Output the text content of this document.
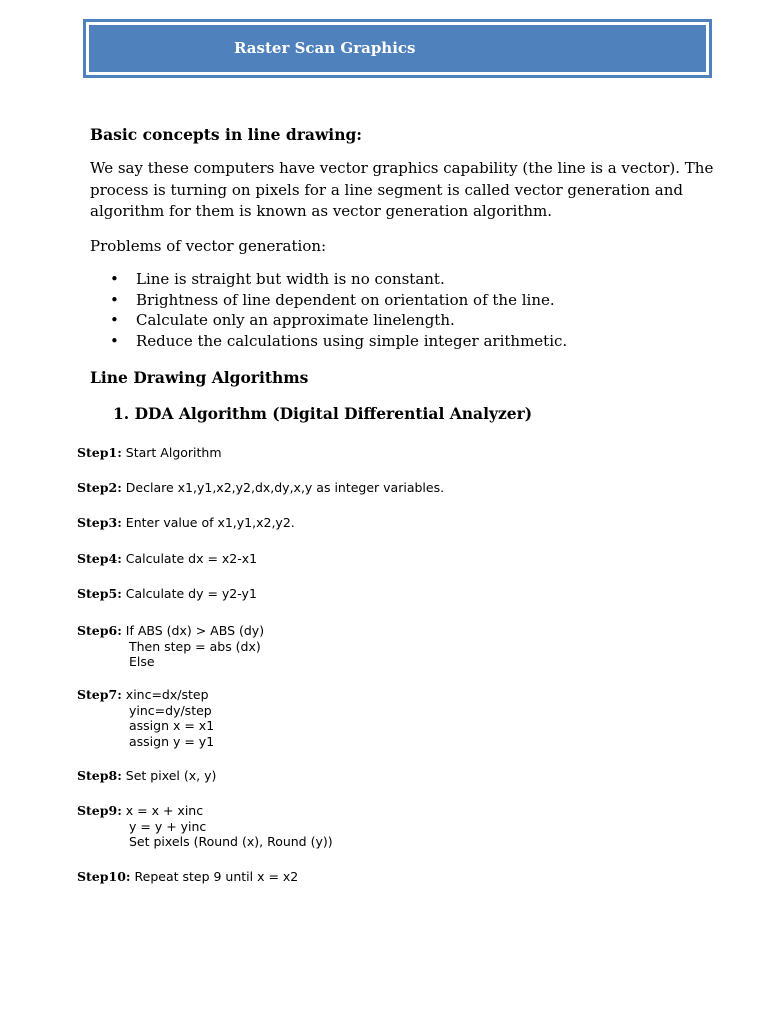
Raster Scan Graphics
Basic concepts in line drawing:
We say these computers have vector graphics capability (the line is a vector). The process is turning on pixels for a line segment is called vector generation and algorithm for them is known as vector generation algorithm.
Problems of vector generation:
• Line is straight but width is no constant.
• Brightness of line dependent on orientation of the line.
• Calculate only an approximate linelength.
• Reduce the calculations using simple integer arithmetic.
Line Drawing Algorithms
1. DDA Algorithm (Digital Differential Analyzer)
Step1: Start Algorithm
Step2: Declare x1,y1,x2,y2,dx,dy,x,y as integer variables.
Step3: Enter value of x1,y1,x2,y2.
Step4: Calculate dx = x2-x1
Step5: Calculate dy = y2-y1
Step6: If ABS (dx) > ABS (dy)
Then step = abs (dx)
Else
Step7: xinc=dx/step
yinc=dy/step
assign x = x1
assign y = y1
Step8: Set pixel (x, y)
Step9: x = x + xinc
y = y + yinc
Set pixels (Round (x), Round (y))
Step10: Repeat step 9 until x = x2
